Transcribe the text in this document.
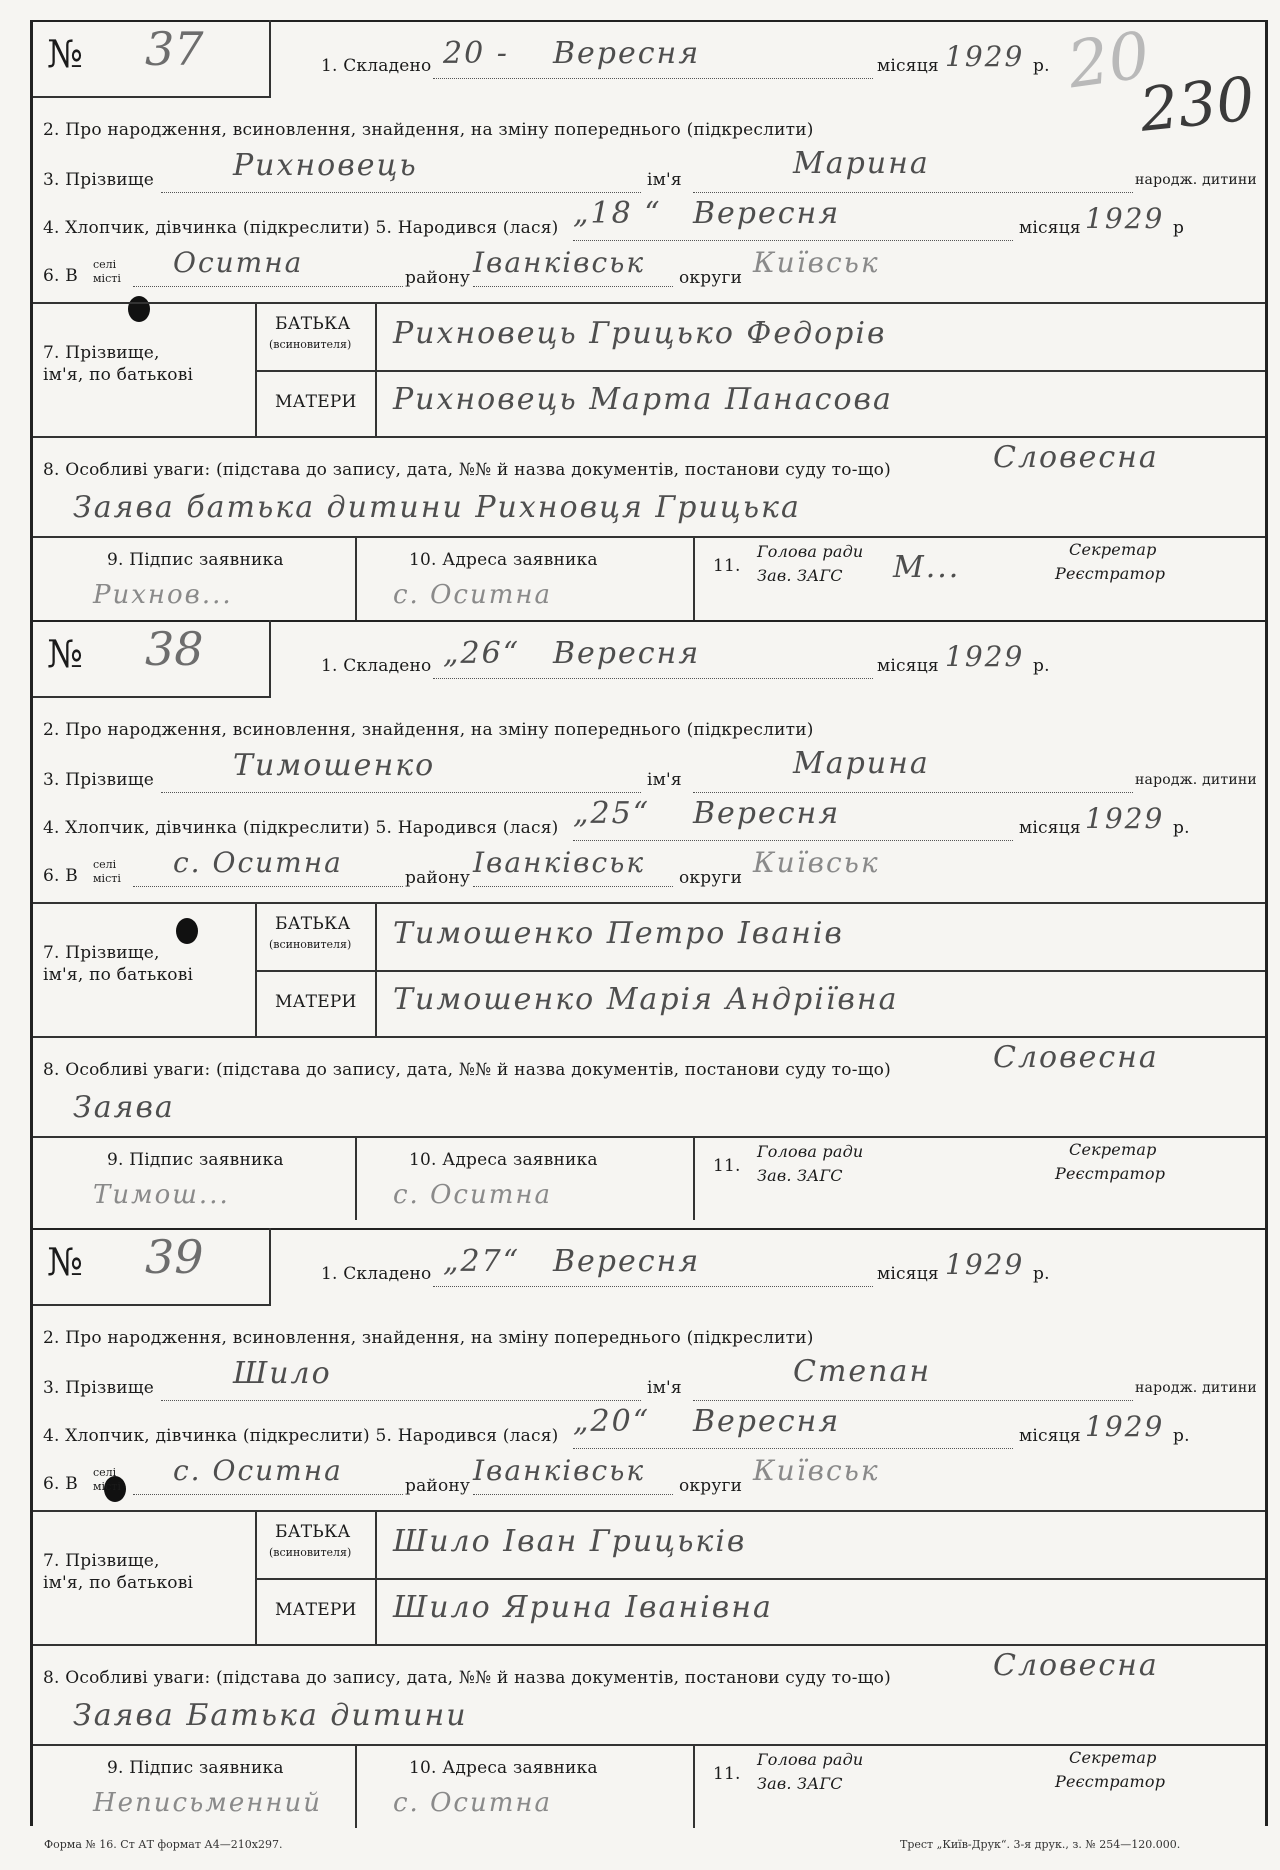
20
230
№ 37	1. Складено 20 - Вересня	місяця 1929 р.
2. Про народження, всиновлення, знайдення, на зміну попереднього (підкреслити)
3. Прізвище	Рихновець	ім'я	Марина	народж. дитини
4. Хлопчик, дівчинка (підкреслити) 5. Народився (лася) „18 “ Вересня	місяця 1929 р
6. В
селі
місті Оситна	району Іванківськ округи Київськ
7. Прізвище, ім'я, по батькові
БАТЬКА
(всиновителя) Рихновець Грицько Федорів
МАТЕРИ Рихновець Марта Панасова
8. Особливі уваги: (підстава до запису, дата, №№ й назва документів, постанови суду то-що)	Словесна
Заява батька дитини Рихновця Грицька
9. Підпис заявника
Рихнов...
10. Адреса заявника
с. Оситна
11.
Голова ради
Зав. ЗАГС М...
Секретар
Реєстратор
№ 38	1. Складено „26“ Вересня	місяця 1929 р.
2. Про народження, всиновлення, знайдення, на зміну попереднього (підкреслити)
3. Прізвище	Тимошенко	ім'я	Марина	народж. дитини
4. Хлопчик, дівчинка (підкреслити) 5. Народився (лася) „25“ Вересня	місяця 1929 р.
6. В
селі
місті с. Оситна	району Іванківськ округи Київськ
7. Прізвище, ім'я, по батькові
БАТЬКА
(всиновителя) Тимошенко Петро Іванів
МАТЕРИ Тимошенко Марія Андріївна
8. Особливі уваги: (підстава до запису, дата, №№ й назва документів, постанови суду то-що)	Словесна
Заява
9. Підпис заявника
Тимош...
10. Адреса заявника
с. Оситна
11.
Голова ради
Зав. ЗАГС
Секретар
Реєстратор
№ 39	1. Складено „27“ Вересня	місяця 1929 р.
2. Про народження, всиновлення, знайдення, на зміну попереднього (підкреслити)
3. Прізвище	Шило	ім'я	Степан	народж. дитини
4. Хлопчик, дівчинка (підкреслити) 5. Народився (лася) „20“ Вересня	місяця 1929 р.
6. В
селі
місті с. Оситна	району Іванківськ округи Київськ
7. Прізвище, ім'я, по батькові
БАТЬКА
(всиновителя) Шило Іван Грицьків
МАТЕРИ Шило Ярина Іванівна
8. Особливі уваги: (підстава до запису, дата, №№ й назва документів, постанови суду то-що)	Словесна
Заява Батька дитини
9. Підпис заявника
Неписьменний
10. Адреса заявника
с. Оситна
11.
Голова ради
Зав. ЗАГС
Секретар
Реєстратор
Форма № 16. Ст АТ формат А4—210х297.	Трест „Київ-Друк“. 3-я друк., з. № 254—120.000.
